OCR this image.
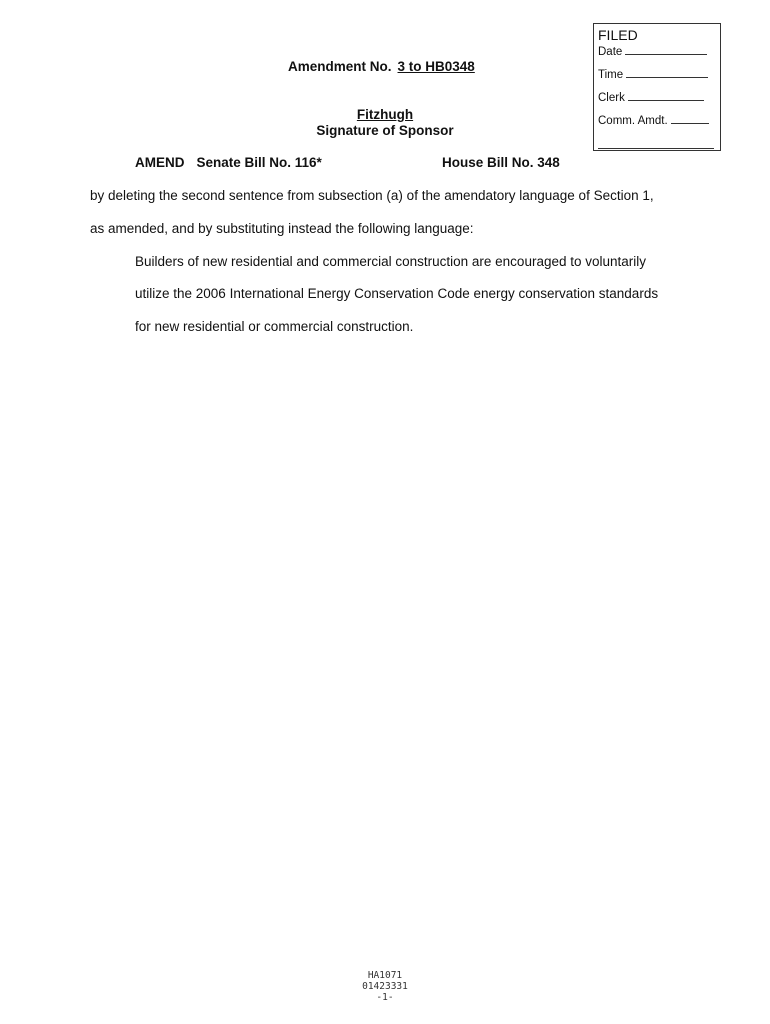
FILED
Date
Time
Clerk
Comm. Amdt.
Amendment No. 3 to HB0348
Fitzhugh
Signature of Sponsor
AMEND Senate Bill No. 116*	House Bill No. 348
by deleting the second sentence from subsection (a) of the amendatory language of Section 1,
as amended, and by substituting instead the following language:
Builders of new residential and commercial construction are encouraged to voluntarily
utilize the 2006 International Energy Conservation Code energy conservation standards
for new residential or commercial construction.
HA1071
01423331
-1-
